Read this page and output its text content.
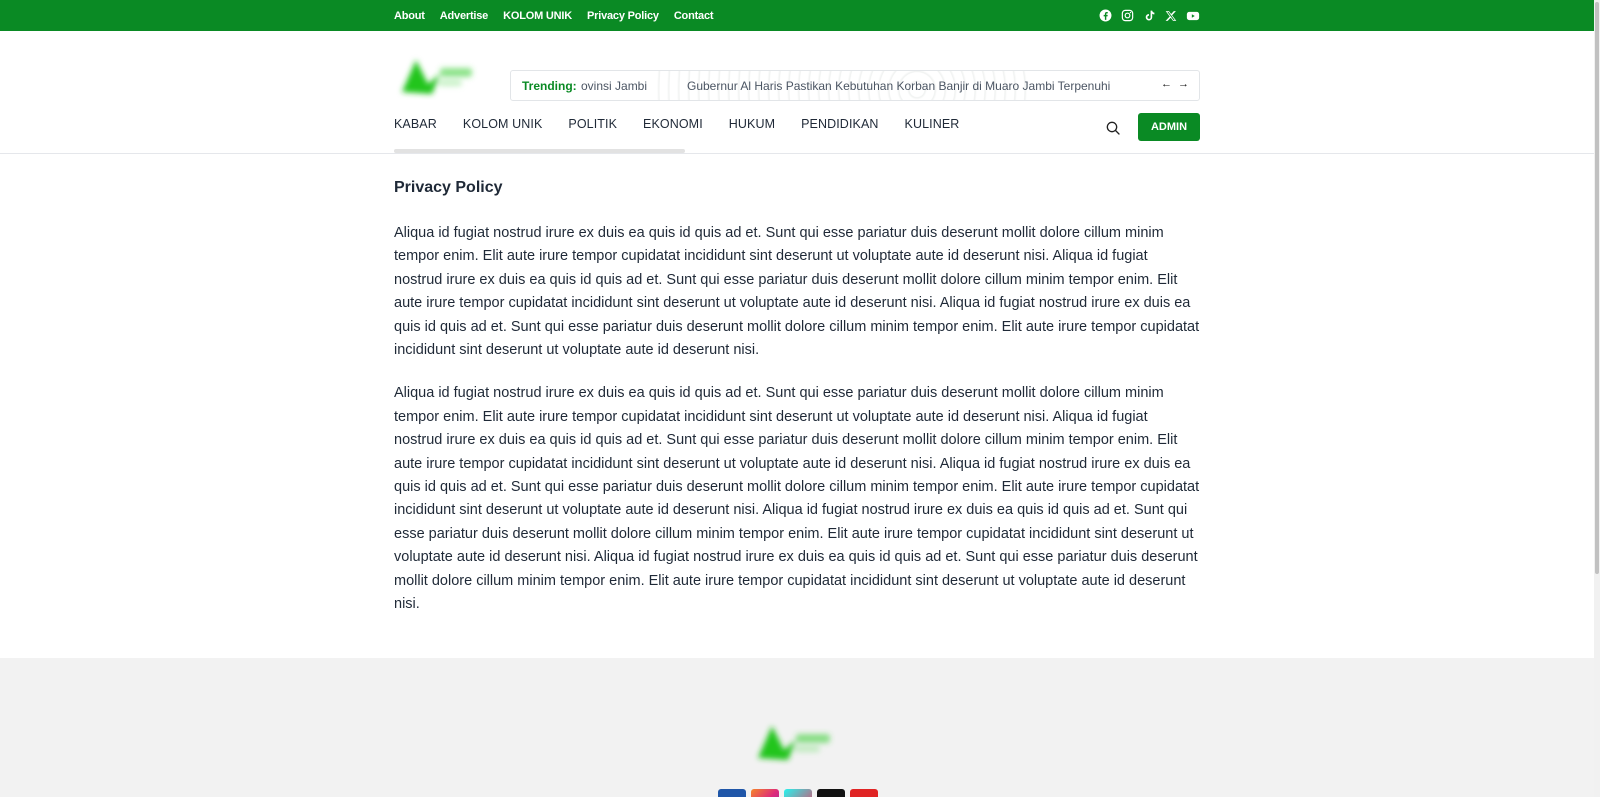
About Advertise KOLOM UNIK Privacy Policy Contact
Trending: ovinsi Jambi	Gubernur Al Haris Pastikan Kebutuhan Korban Banjir di Muaro Jambi Terpenuhi	← →
KABAR KOLOM UNIK POLITIK EKONOMI HUKUM PENDIDIKAN KULINER	ADMIN
Privacy Policy

Aliqua id fugiat nostrud irure ex duis ea quis id quis ad et. Sunt qui esse pariatur duis deserunt mollit dolore cillum minim tempor enim. Elit aute irure tempor cupidatat incididunt sint deserunt ut voluptate aute id deserunt nisi. Aliqua id fugiat nostrud irure ex duis ea quis id quis ad et. Sunt qui esse pariatur duis deserunt mollit dolore cillum minim tempor enim. Elit aute irure tempor cupidatat incididunt sint deserunt ut voluptate aute id deserunt nisi. Aliqua id fugiat nostrud irure ex duis ea quis id quis ad et. Sunt qui esse pariatur duis deserunt mollit dolore cillum minim tempor enim. Elit aute irure tempor cupidatat incididunt sint deserunt ut voluptate aute id deserunt nisi.

Aliqua id fugiat nostrud irure ex duis ea quis id quis ad et. Sunt qui esse pariatur duis deserunt mollit dolore cillum minim tempor enim. Elit aute irure tempor cupidatat incididunt sint deserunt ut voluptate aute id deserunt nisi. Aliqua id fugiat nostrud irure ex duis ea quis id quis ad et. Sunt qui esse pariatur duis deserunt mollit dolore cillum minim tempor enim. Elit aute irure tempor cupidatat incididunt sint deserunt ut voluptate aute id deserunt nisi. Aliqua id fugiat nostrud irure ex duis ea quis id quis ad et. Sunt qui esse pariatur duis deserunt mollit dolore cillum minim tempor enim. Elit aute irure tempor cupidatat incididunt sint deserunt ut voluptate aute id deserunt nisi. Aliqua id fugiat nostrud irure ex duis ea quis id quis ad et. Sunt qui esse pariatur duis deserunt mollit dolore cillum minim tempor enim. Elit aute irure tempor cupidatat incididunt sint deserunt ut voluptate aute id deserunt nisi. Aliqua id fugiat nostrud irure ex duis ea quis id quis ad et. Sunt qui esse pariatur duis deserunt mollit dolore cillum minim tempor enim. Elit aute irure tempor cupidatat incididunt sint deserunt ut voluptate aute id deserunt nisi.
